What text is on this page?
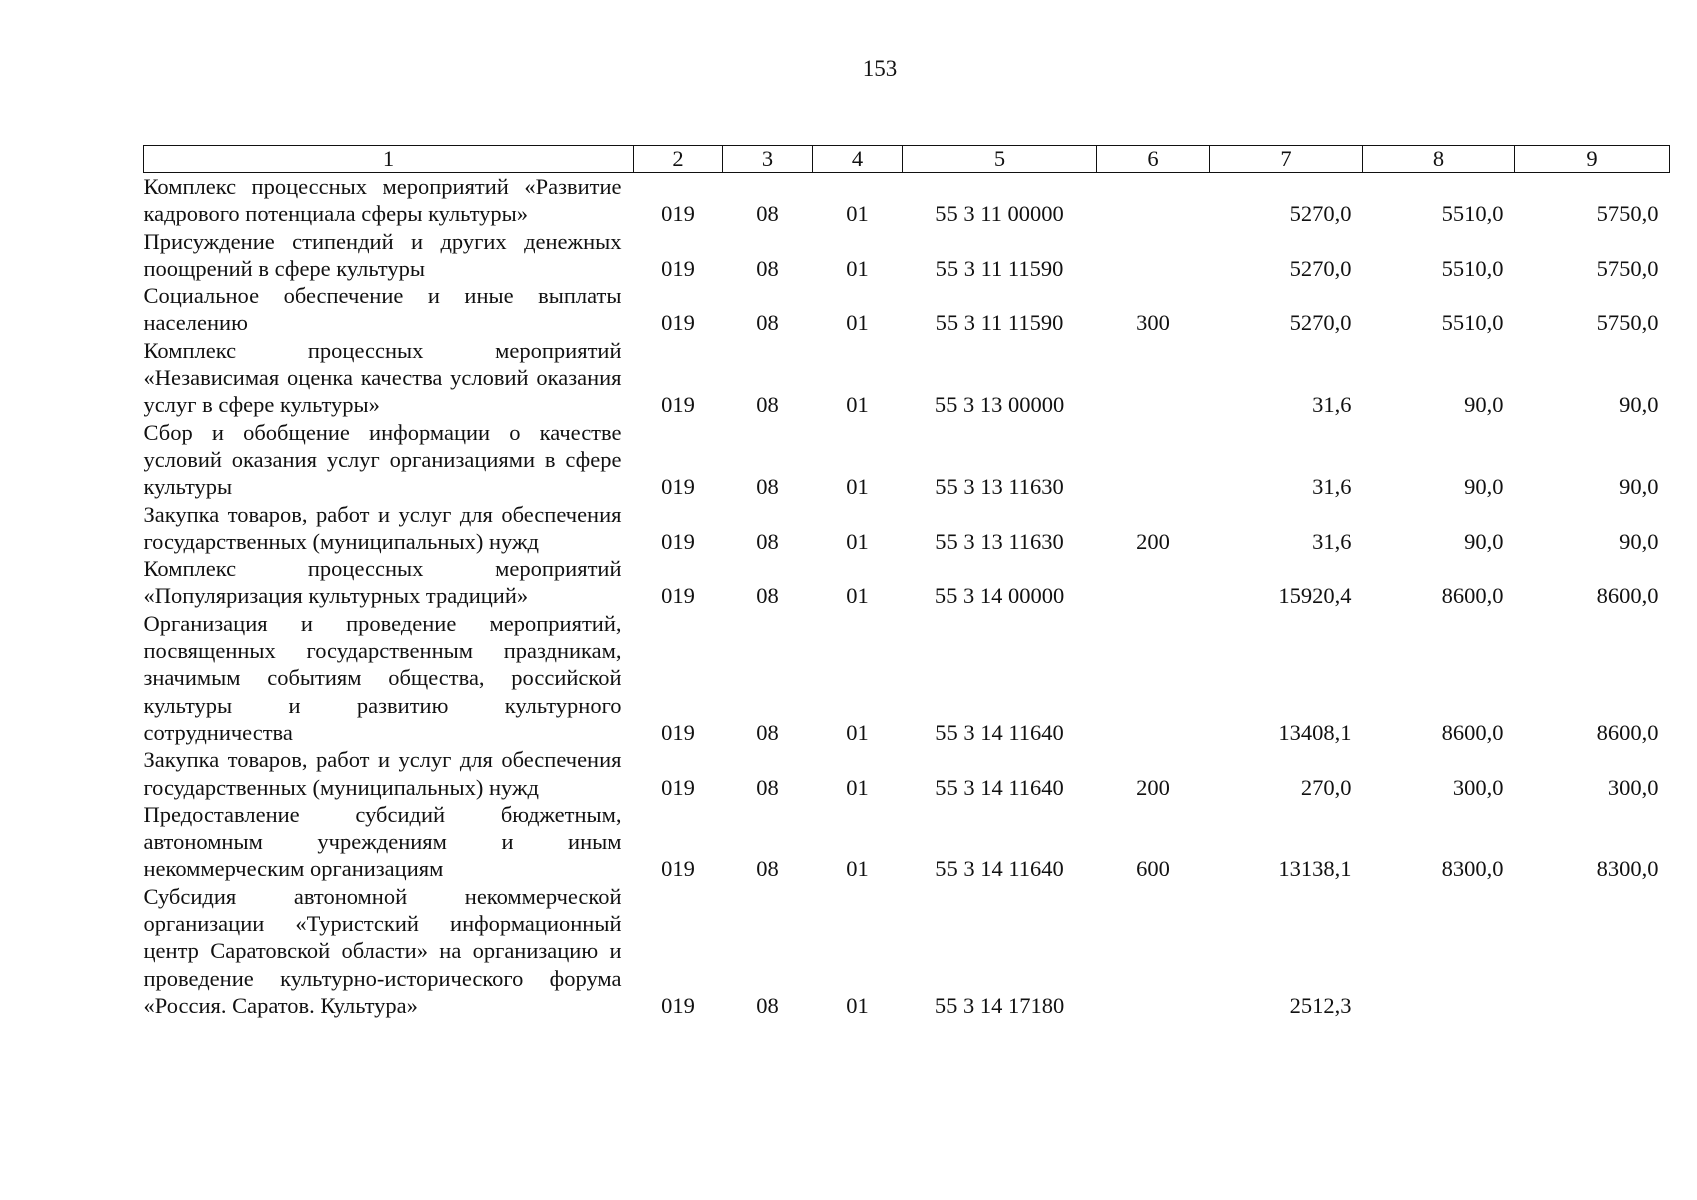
153
1	2	3	4	5	6	7	8	9
Комплекс процессных мероприятий «Развитие кадрового потенциала сферы культуры»	019	08	01	55 3 11 00000		5270,0	5510,0	5750,0
Присуждение стипендий и других денежных поощрений в сфере культуры	019	08	01	55 3 11 11590		5270,0	5510,0	5750,0
Социальное обеспечение и иные выплаты населению	019	08	01	55 3 11 11590	300	5270,0	5510,0	5750,0
Комплекс процессных мероприятий «Независимая оценка качества условий оказания услуг в сфере культуры»	019	08	01	55 3 13 00000		31,6	90,0	90,0
Сбор и обобщение информации о качестве условий оказания услуг организациями в сфере культуры	019	08	01	55 3 13 11630		31,6	90,0	90,0
Закупка товаров, работ и услуг для обеспечения государственных (муниципальных) нужд	019	08	01	55 3 13 11630	200	31,6	90,0	90,0
Комплекс процессных мероприятий «Популяризация культурных традиций»	019	08	01	55 3 14 00000		15920,4	8600,0	8600,0
Организация и проведение мероприятий, посвященных государственным праздникам, значимым событиям общества, российской культуры и развитию культурного сотрудничества	019	08	01	55 3 14 11640		13408,1	8600,0	8600,0
Закупка товаров, работ и услуг для обеспечения государственных (муниципальных) нужд	019	08	01	55 3 14 11640	200	270,0	300,0	300,0
Предоставление субсидий бюджетным, автономным учреждениям и иным некоммерческим организациям	019	08	01	55 3 14 11640	600	13138,1	8300,0	8300,0
Субсидия автономной некоммерческой организации «Туристский информационный центр Саратовской области» на организацию и проведение культурно-исторического форума «Россия. Саратов. Культура»	019	08	01	55 3 14 17180		2512,3		
